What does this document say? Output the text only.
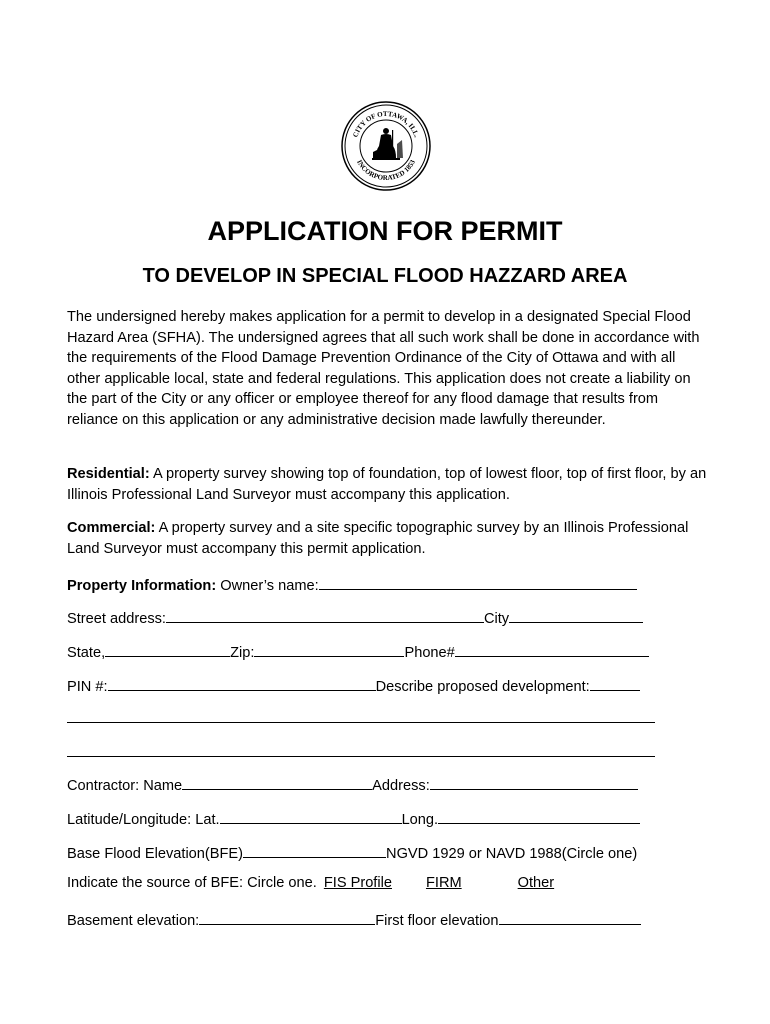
CITY OF OTTAWA, ILL.
INCORPORATED 1853
APPLICATION FOR PERMIT
TO DEVELOP IN SPECIAL FLOOD HAZZARD AREA

The undersigned hereby makes application for a permit to develop in a designated Special Flood Hazard Area (SFHA). The undersigned agrees that all such work shall be done in accordance with the requirements of the Flood Damage Prevention Ordinance of the City of Ottawa and with all other applicable local, state and federal regulations. This application does not create a liability on the part of the City or any officer or employee thereof for any flood damage that results from reliance on this application or any administrative decision made lawfully thereunder.

Residential: A property survey showing top of foundation, top of lowest floor, top of first floor, by an Illinois Professional Land Surveyor must accompany this application.

Commercial: A property survey and a site specific topographic survey by an Illinois Professional Land Surveyor must accompany this permit application.

Property Information: Owner’s name:
Street address:	City
State,	Zip:	Phone#
PIN #:	Describe proposed development:
Contractor: Name	Address:
Latitude/Longitude: Lat.	Long.
Base Flood Elevation(BFE)	NGVD 1929 or NAVD 1988(Circle one)
Indicate the source of BFE: Circle one. FIS Profile FIRM	Other
Basement elevation:	First floor elevation
